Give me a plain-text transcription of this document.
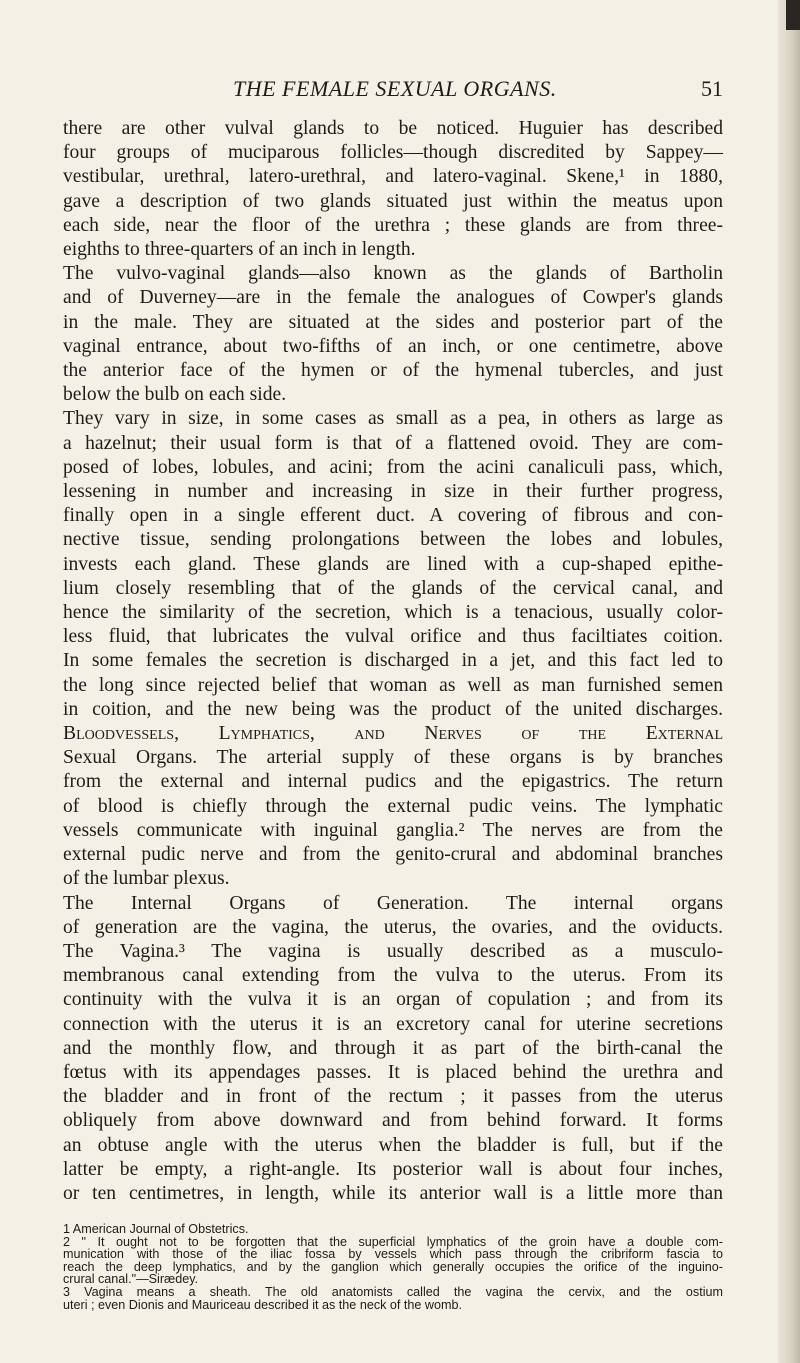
THE FEMALE SEXUAL ORGANS.	51
there are other vulval glands to be noticed. Huguier has described
four groups of muciparous follicles—though discredited by Sappey—
vestibular, urethral, latero-urethral, and latero-vaginal. Skene,¹ in 1880,
gave a description of two glands situated just within the meatus upon
each side, near the floor of the urethra ; these glands are from three-
eighths to three-quarters of an inch in length.
The vulvo-vaginal glands—also known as the glands of Bartholin
and of Duverney—are in the female the analogues of Cowper's glands
in the male. They are situated at the sides and posterior part of the
vaginal entrance, about two-fifths of an inch, or one centimetre, above
the anterior face of the hymen or of the hymenal tubercles, and just
below the bulb on each side.
They vary in size, in some cases as small as a pea, in others as large as
a hazelnut; their usual form is that of a flattened ovoid. They are com-
posed of lobes, lobules, and acini; from the acini canaliculi pass, which,
lessening in number and increasing in size in their further progress,
finally open in a single efferent duct. A covering of fibrous and con-
nective tissue, sending prolongations between the lobes and lobules,
invests each gland. These glands are lined with a cup-shaped epithe-
lium closely resembling that of the glands of the cervical canal, and
hence the similarity of the secretion, which is a tenacious, usually color-
less fluid, that lubricates the vulval orifice and thus faciltiates coition.
In some females the secretion is discharged in a jet, and this fact led to
the long since rejected belief that woman as well as man furnished semen
in coition, and the new being was the product of the united discharges.
Bloodvessels, Lymphatics, and Nerves of the External
Sexual Organs. The arterial supply of these organs is by branches
from the external and internal pudics and the epigastrics. The return
of blood is chiefly through the external pudic veins. The lymphatic
vessels communicate with inguinal ganglia.² The nerves are from the
external pudic nerve and from the genito-crural and abdominal branches
of the lumbar plexus.
The Internal Organs of Generation. The internal organs
of generation are the vagina, the uterus, the ovaries, and the oviducts.
The Vagina.³ The vagina is usually described as a musculo-
membranous canal extending from the vulva to the uterus. From its
continuity with the vulva it is an organ of copulation ; and from its
connection with the uterus it is an excretory canal for uterine secretions
and the monthly flow, and through it as part of the birth-canal the
fœtus with its appendages passes. It is placed behind the urethra and
the bladder and in front of the rectum ; it passes from the uterus
obliquely from above downward and from behind forward. It forms
an obtuse angle with the uterus when the bladder is full, but if the
latter be empty, a right-angle. Its posterior wall is about four inches,
or ten centimetres, in length, while its anterior wall is a little more than
1 American Journal of Obstetrics.
2 " It ought not to be forgotten that the superficial lymphatics of the groin have a double com-
munication with those of the iliac fossa by vessels which pass through the cribriform fascia to
reach the deep lymphatics, and by the ganglion which generally occupies the orifice of the inguino-
crural canal."—Sirædey.
3 Vagina means a sheath. The old anatomists called the vagina the cervix, and the ostium
uteri ; even Dionis and Mauriceau described it as the neck of the womb.
